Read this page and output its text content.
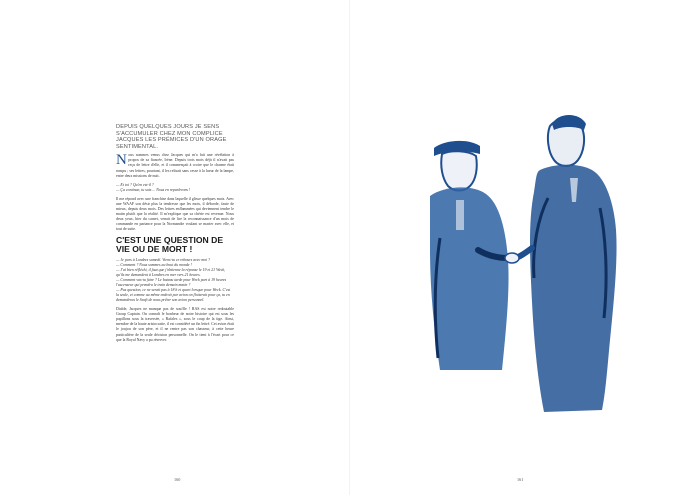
DEPUIS QUELQUES JOURS JE SENS S'ACCUMULER CHEZ MON COMPLICE JACQUES LES PRÉMICES D'UN ORAGE SENTIMENTAL.

Nous sommes venus chez Jacques qui m'a fait une révélation à propos de sa fiancée, Irène. Depuis trois mois déjà il n'avait pas reçu de lettre d'elle, et il commençait à croire que le charme était rompu ; ses lettres, pourtant, il les relisait sans cesse à la lueur de la lampe, entre deux missions de nuit.

— Et toi ? Qu'en est-il ?
— Ça continue, tu sais ... Nous en reparlerons !

Il me répond avec une franchise dans laquelle il glisse quelques mots. Avec une WAAF son désir plus la tendresse que les mots, il déborde, faute de mieux, depuis deux mois. Des lettres enflammées qui deviennent tendre le matin plutôt que la réalité. Il m'explique que sa chérie est revenue. Nous deux yeux, hier du carnet, venait de lire la reconnaissance d'un mois de commande en partance pour la Normandie voulant se marier avec elle, et tout de suite.

C'EST UNE QUESTION DE VIE OU DE MORT !
— Je pars à Londres samedi. Viens-tu ce rebours avec moi ?
— Comment ? Nous sommes au bout du monde !
— J'ai bien réfléchi, il faut que j'obtienne la réponse le 19 et 21 Weck, qu'ils me demandent à Londres en mer vers 21 heures.
— Comment vas-tu faire ? Le bateau tarde pour Weck part à 19 heures l'ascenseur qui prendra le train demain matin ?
— Pas question, ce ne serait pas à 18 h et quart lorsque pour Weck. C'est la seule, et comme au même endroit par avion on flotterait pour ça, tu en demanderas le Seaft de nous prêter son avion personnel.

Diable, Jacques ne manque pas de souffle ! RAS est notre redoutable Group Captain. On connaît le bonheur de notre histoire qui est sous les papillons sous la traversée, « Rafales », sous le coup de la tige. Ainsi, membre de la haute aristocratie, il est considéré un fin lettré. Cet avion était le joujou de son père, et il ne rentre pas son chasseur, à cette heure particulière de la seule décision personnelle. On le tient à l'écart pour ce que la Royal Navy a pu réserver.

160	161
